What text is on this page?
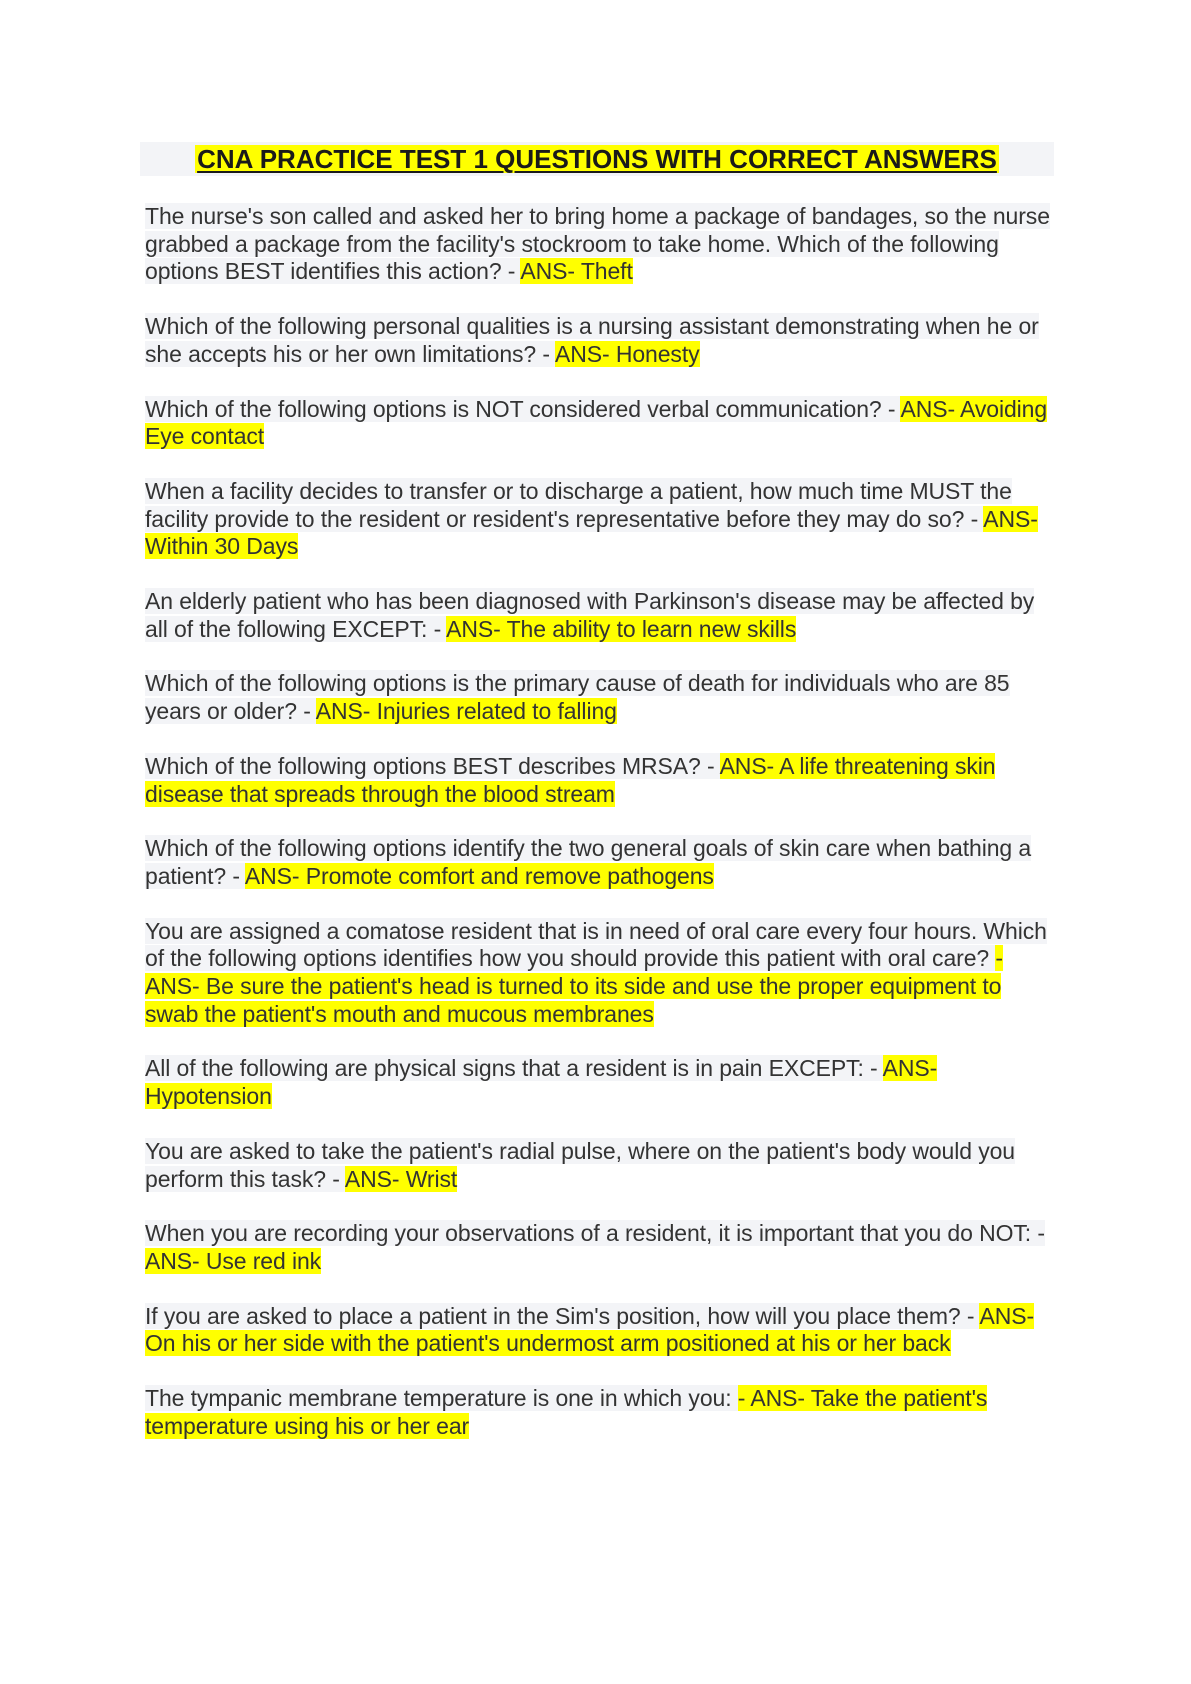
CNA PRACTICE TEST 1 QUESTIONS WITH CORRECT ANSWERS

The nurse's son called and asked her to bring home a package of bandages, so the nurse grabbed a package from the facility's stockroom to take home. Which of the following options BEST identifies this action? - ANS- Theft

Which of the following personal qualities is a nursing assistant demonstrating when he or she accepts his or her own limitations? - ANS- Honesty

Which of the following options is NOT considered verbal communication? - ANS- Avoiding Eye contact

When a facility decides to transfer or to discharge a patient, how much time MUST the facility provide to the resident or resident's representative before they may do so? - ANS- Within 30 Days

An elderly patient who has been diagnosed with Parkinson's disease may be affected by all of the following EXCEPT: - ANS- The ability to learn new skills

Which of the following options is the primary cause of death for individuals who are 85 years or older? - ANS- Injuries related to falling

Which of the following options BEST describes MRSA? - ANS- A life threatening skin disease that spreads through the blood stream

Which of the following options identify the two general goals of skin care when bathing a patient? - ANS- Promote comfort and remove pathogens

You are assigned a comatose resident that is in need of oral care every four hours. Which of the following options identifies how you should provide this patient with oral care? - ANS- Be sure the patient's head is turned to its side and use the proper equipment to swab the patient's mouth and mucous membranes

All of the following are physical signs that a resident is in pain EXCEPT: - ANS- Hypotension

You are asked to take the patient's radial pulse, where on the patient's body would you perform this task? - ANS- Wrist

When you are recording your observations of a resident, it is important that you do NOT: - ANS- Use red ink

If you are asked to place a patient in the Sim's position, how will you place them? - ANS- On his or her side with the patient's undermost arm positioned at his or her back

The tympanic membrane temperature is one in which you: - ANS- Take the patient's temperature using his or her ear
